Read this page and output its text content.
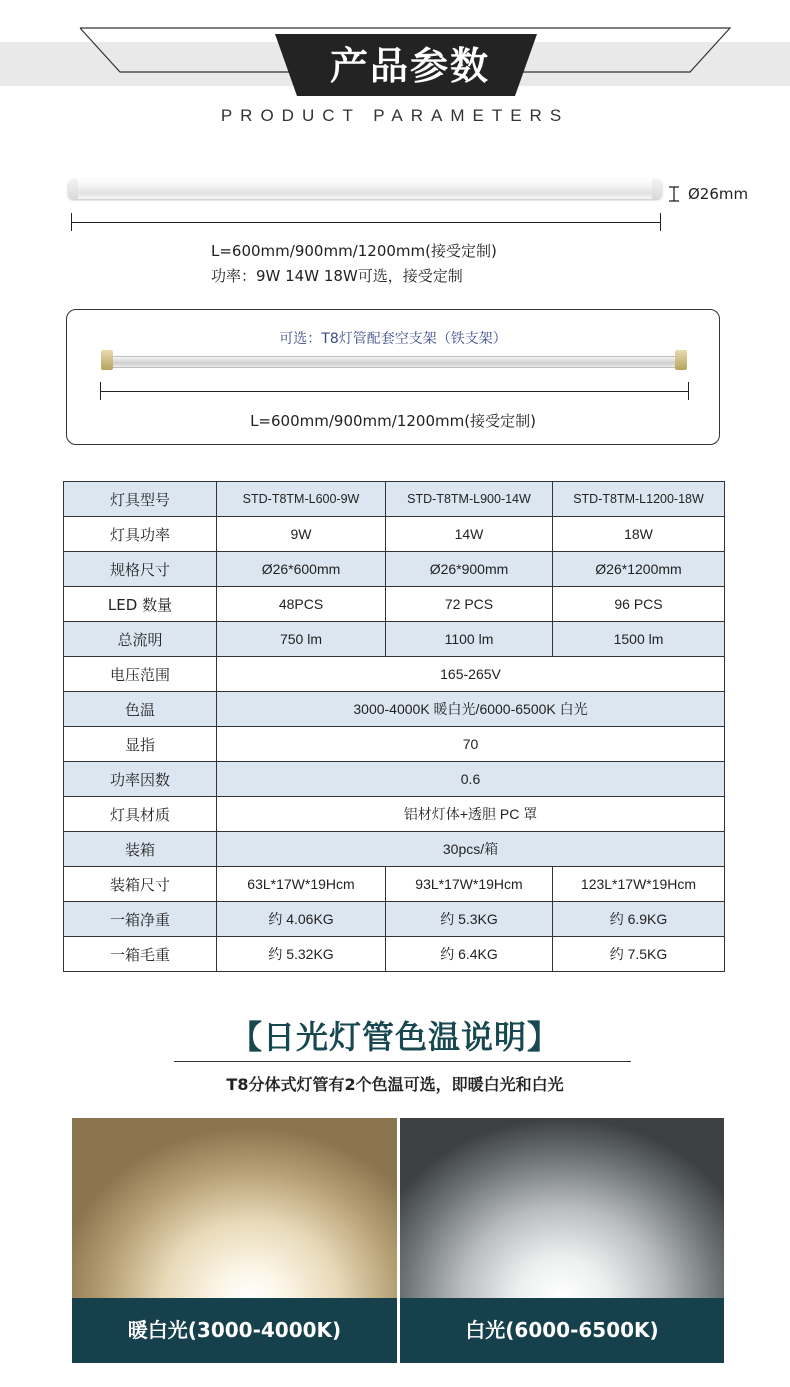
产品参数
PRODUCT PARAMETERS
Ø26mm
L=600mm/900mm/1200mm(接受定制)
功率：9W 14W 18W可选，接受定制
可选：T8灯管配套空支架（铁支架）
L=600mm/900mm/1200mm(接受定制)
灯具型号	STD-T8TM-L600-9W	STD-T8TM-L900-14W	STD-T8TM-L1200-18W
灯具功率	9W	14W	18W
规格尺寸	Ø26*600mm	Ø26*900mm	Ø26*1200mm
LED 数量	48PCS	72 PCS	96 PCS
总流明	750 lm	1100 lm	1500 lm
电压范围	165-265V		
色温	3000-4000K 暖白光/6000-6500K 白光		
显指	70		
功率因数	0.6		
灯具材质	铝材灯体+透胆 PC 罩		
装箱	30pcs/箱		
装箱尺寸	63L*17W*19Hcm	93L*17W*19Hcm	123L*17W*19Hcm
一箱净重	约 4.06KG	约 5.3KG	约 6.9KG
一箱毛重	约 5.32KG	约 6.4KG	约 7.5KG
【日光灯管色温说明】
T8分体式灯管有2个色温可选，即暖白光和白光
暖白光(3000-4000K)	白光(6000-6500K)
